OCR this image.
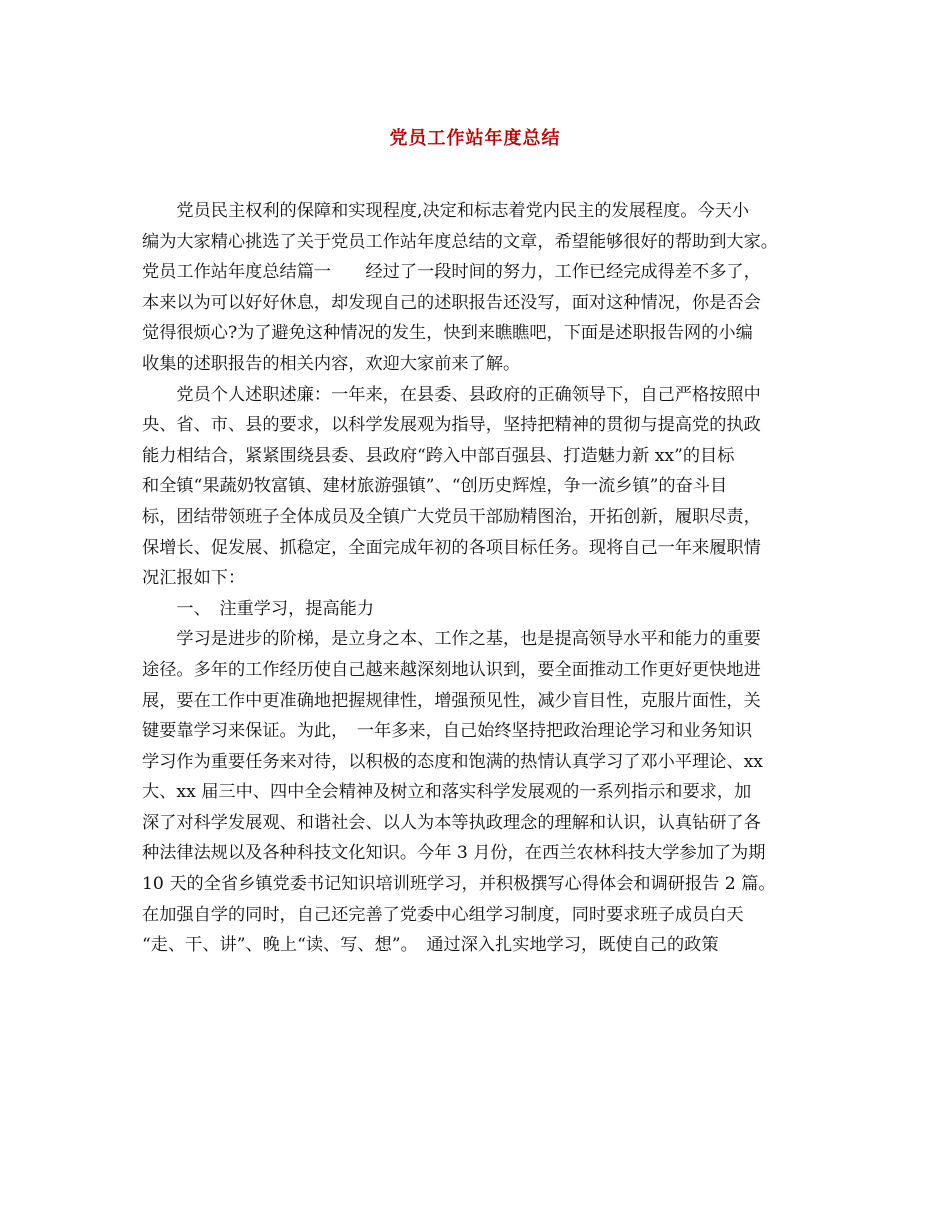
党员工作站年度总结
　　党员民主权利的保障和实现程度,决定和标志着党内民主的发展程度。今天小
编为大家精心挑选了关于党员工作站年度总结的文章，希望能够很好的帮助到大家。
党员工作站年度总结篇一　　经过了一段时间的努力，工作已经完成得差不多了，
本来以为可以好好休息，却发现自己的述职报告还没写，面对这种情况，你是否会
觉得很烦心?为了避免这种情况的发生，快到来瞧瞧吧，下面是述职报告网的小编
收集的述职报告的相关内容，欢迎大家前来了解。
　　党员个人述职述廉：一年来，在县委、县政府的正确领导下，自己严格按照中
央、省、市、县的要求，以科学发展观为指导，坚持把精神的贯彻与提高党的执政
能力相结合，紧紧围绕县委、县政府“跨入中部百强县、打造魅力新 xx”的目标
和全镇“果蔬奶牧富镇、建材旅游强镇”、“创历史辉煌，争一流乡镇”的奋斗目
标，团结带领班子全体成员及全镇广大党员干部励精图治，开拓创新，履职尽责，
保增长、促发展、抓稳定，全面完成年初的各项目标任务。现将自己一年来履职情
况汇报如下：
　　一、　注重学习，提高能力
　　学习是进步的阶梯，是立身之本、工作之基，也是提高领导水平和能力的重要
途径。多年的工作经历使自己越来越深刻地认识到，要全面推动工作更好更快地进
展，要在工作中更准确地把握规律性，增强预见性，减少盲目性，克服片面性，关
键要靠学习来保证。为此，　一年多来，自己始终坚持把政治理论学习和业务知识
学习作为重要任务来对待，以积极的态度和饱满的热情认真学习了邓小平理论、xx
大、xx 届三中、四中全会精神及树立和落实科学发展观的一系列指示和要求，加
深了对科学发展观、和谐社会、以人为本等执政理念的理解和认识，认真钻研了各
种法律法规以及各种科技文化知识。今年 3 月份，在西兰农林科技大学参加了为期
10 天的全省乡镇党委书记知识培训班学习，并积极撰写心得体会和调研报告 2 篇。
在加强自学的同时，自己还完善了党委中心组学习制度，同时要求班子成员白天
“走、干、讲”、晚上“读、写、想”。　通过深入扎实地学习，既使自己的政策
